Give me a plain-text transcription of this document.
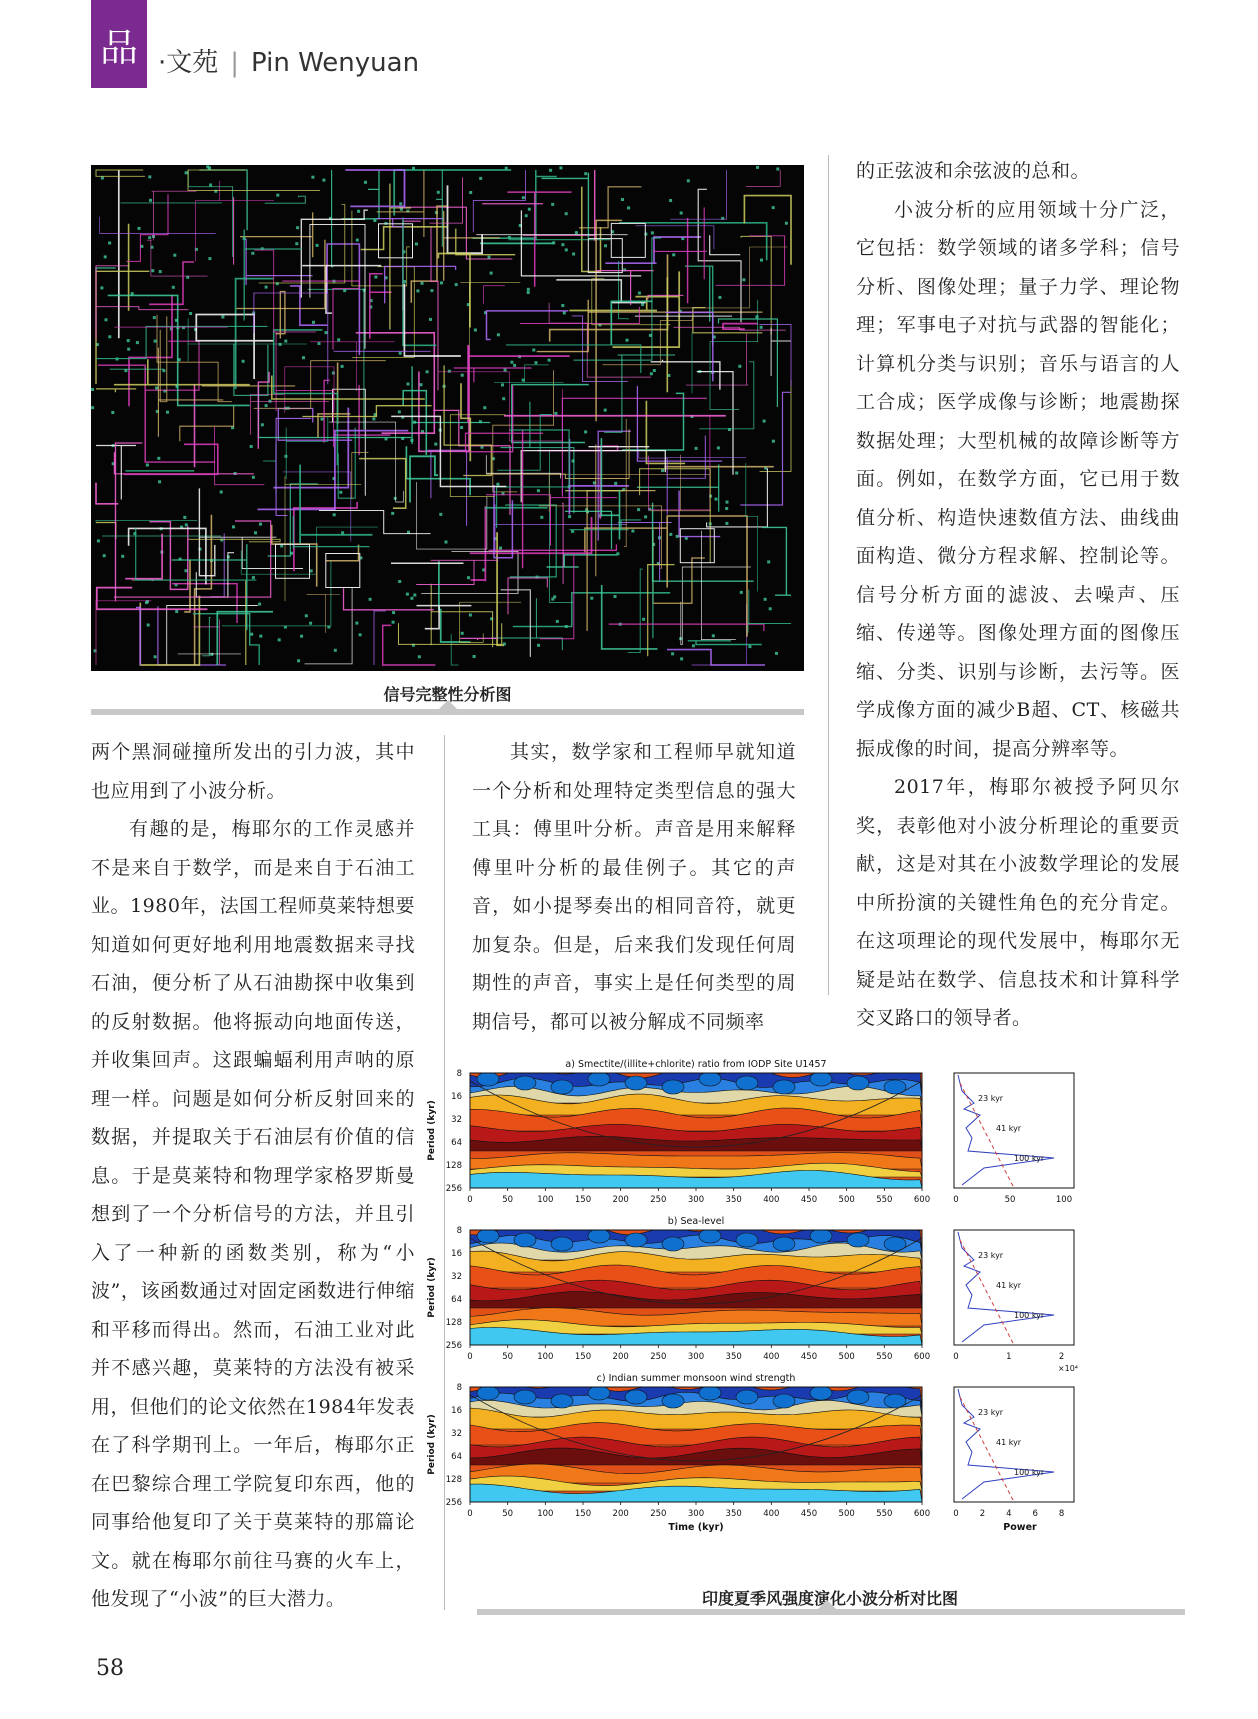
品 ·文苑 | Pin Wenyuan
信号完整性分析图

两个黑洞碰撞所发出的引力波，其中也应用到了小波分析。

有趣的是，梅耶尔的工作灵感并不是来自于数学，而是来自于石油工业。1980年，法国工程师莫莱特想要知道如何更好地利用地震数据来寻找石油，便分析了从石油勘探中收集到的反射数据。他将振动向地面传送，并收集回声。这跟蝙蝠利用声呐的原理一样。问题是如何分析反射回来的数据，并提取关于石油层有价值的信息。于是莫莱特和物理学家格罗斯曼想到了一个分析信号的方法，并且引入了一种新的函数类别，称为“小波”，该函数通过对固定函数进行伸缩和平移而得出。然而，石油工业对此并不感兴趣，莫莱特的方法没有被采用，但他们的论文依然在1984年发表在了科学期刊上。一年后，梅耶尔正在巴黎综合理工学院复印东西，他的同事给他复印了关于莫莱特的那篇论文。就在梅耶尔前往马赛的火车上，他发现了“小波”的巨大潜力。

其实，数学家和工程师早就知道一个分析和处理特定类型信息的强大工具：傅里叶分析。声音是用来解释傅里叶分析的最佳例子。其它的声音，如小提琴奏出的相同音符，就更加复杂。但是，后来我们发现任何周期性的声音，事实上是任何类型的周期信号，都可以被分解成不同频率

的正弦波和余弦波的总和。

小波分析的应用领域十分广泛，它包括：数学领域的诸多学科；信号分析、图像处理；量子力学、理论物理；军事电子对抗与武器的智能化；计算机分类与识别；音乐与语言的人工合成；医学成像与诊断；地震勘探数据处理；大型机械的故障诊断等方面。例如，在数学方面，它已用于数值分析、构造快速数值方法、曲线曲面构造、微分方程求解、控制论等。信号分析方面的滤波、去噪声、压缩、传递等。图像处理方面的图像压缩、分类、识别与诊断，去污等。医学成像方面的减少B超、CT、核磁共振成像的时间，提高分辨率等。

2017年，梅耶尔被授予阿贝尔奖，表彰他对小波分析理论的重要贡献，这是对其在小波数学理论的发展中所扮演的关键性角色的充分肯定。在这项理论的现代发展中，梅耶尔无疑是站在数学、信息技术和计算科学交叉路口的领导者。

a) Smectite/(illite+chlorite) ratio from IODP Site U1457
8
16
32
64
128
256
Period (kyr)
0	50	100	150	200	250	300	350	400	450	500	550	600	0	50	100
23 kyr
41 kyr
100 kyr
b) Sea-level
8
16
32
64
128
256
Period (kyr)
0	50	100	150	200	250	300	350	400	450	500	550	600	0	1	2
×10⁴
23 kyr
41 kyr
100 kyr
c) Indian summer monsoon wind strength
8
16
32
64
128
256
Period (kyr)
0	50	100	150	200	250	300	350	400	450	500	550	600
Time (kyr)
0 2 4 6 8
Power
23 kyr
41 kyr
100 kyr
印度夏季风强度演化小波分析对比图
58
